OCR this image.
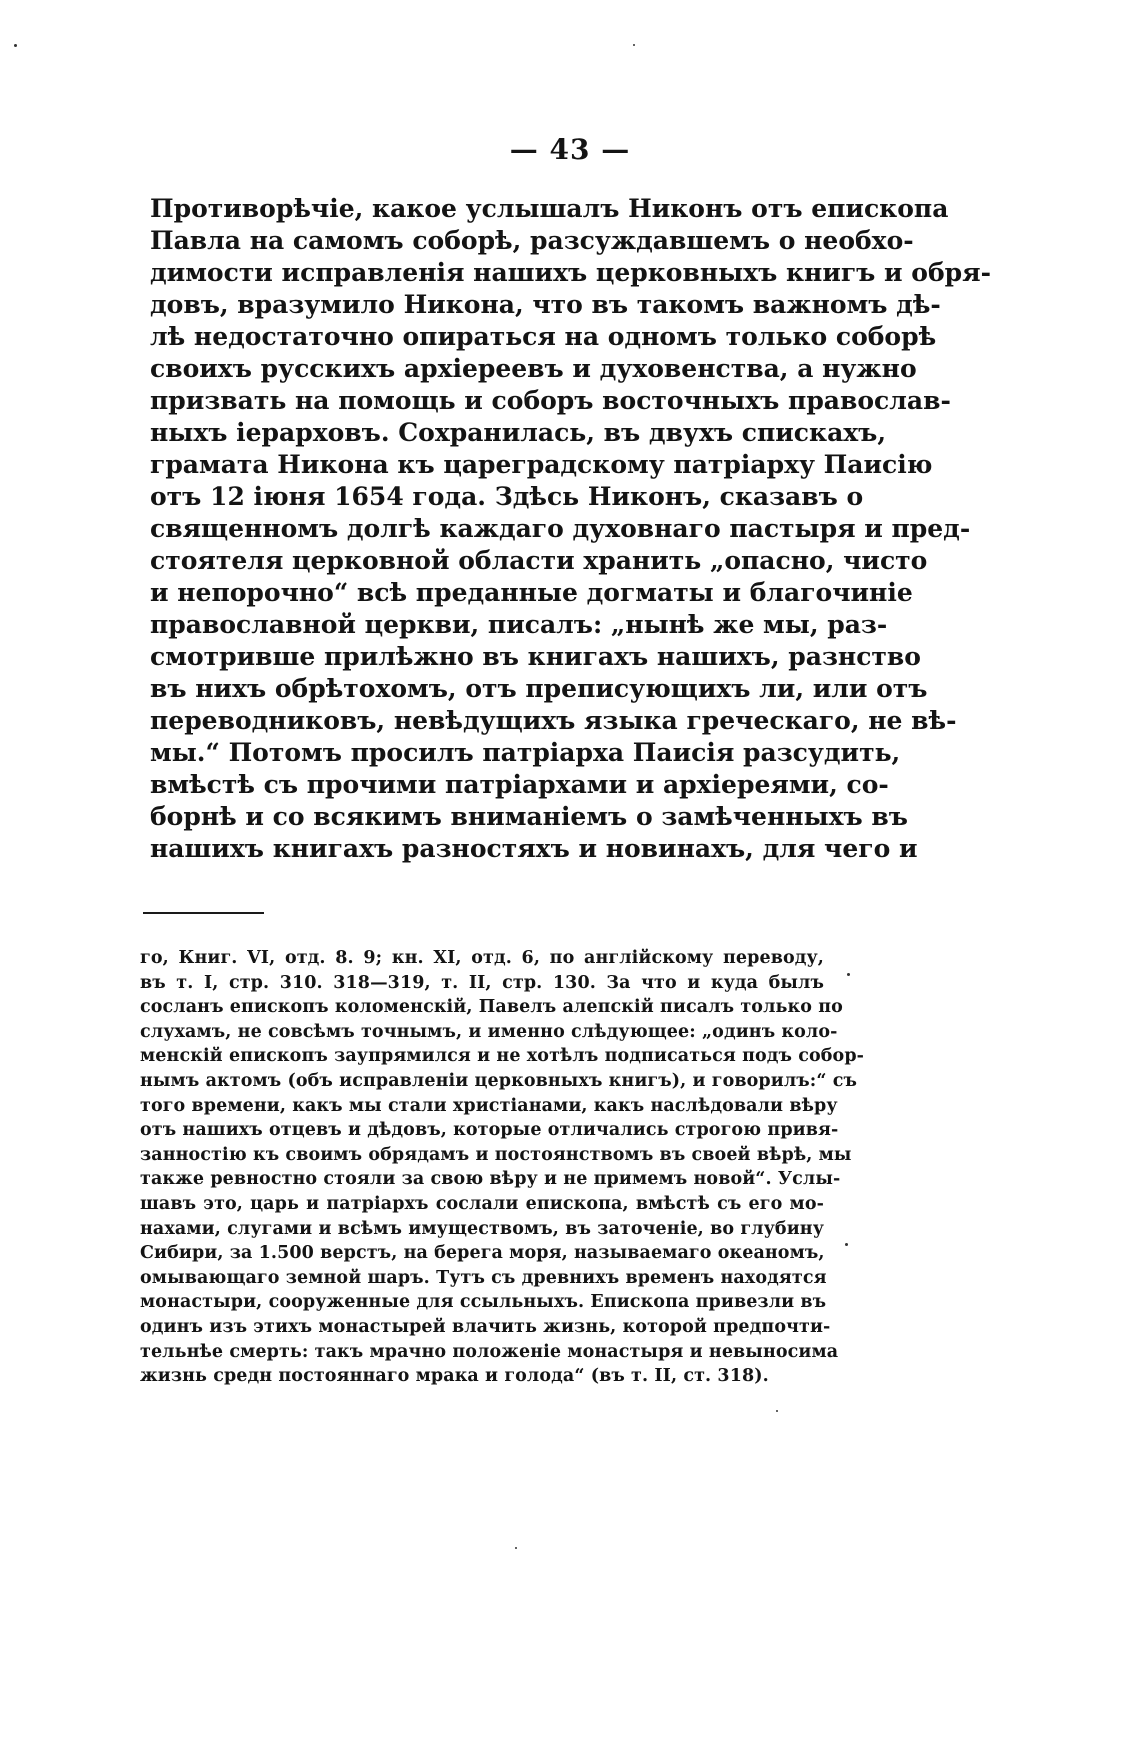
— 43 —
Противорѣчіе, какое услышалъ Никонъ отъ епископа
Павла на самомъ соборѣ, разсуждавшемъ о необхо-
димости исправленія нашихъ церковныхъ книгъ и обря-
довъ, вразумило Никона, что въ такомъ важномъ дѣ-
лѣ недостаточно опираться на одномъ только соборѣ
своихъ русскихъ архіереевъ и духовенства, а нужно
призвать на помощь и соборъ восточныхъ православ-
ныхъ іерарховъ. Сохранилась, въ двухъ спискахъ,
грамата Никона къ цареградскому патріарху Паисію
отъ 12 іюня 1654 года. Здѣсь Никонъ, сказавъ о
священномъ долгѣ каждаго духовнаго пастыря и пред-
стоятеля церковной области хранить „опасно, чисто
и непорочно“ всѣ преданные догматы и благочиніе
православной церкви, писалъ: „нынѣ же мы, раз-
смотрившe прилѣжно въ книгахъ нашихъ, разнство
въ нихъ обрѣтохомъ, отъ преписующихъ ли, или отъ
переводниковъ, невѣдущихъ языка греческаго, не вѣ-
мы.“ Потомъ просилъ патріарха Паисія разсудить,
вмѣстѣ съ прочими патріархами и архіереями, со-
борнѣ и со всякимъ вниманіемъ о замѣченныхъ въ
нашихъ книгахъ разностяхъ и новинахъ, для чего и
го, Книг. VI, отд. 8. 9; кн. XI, отд. 6, по англійскому переводу,
въ т. I, стр. 310. 318—319, т. II, стр. 130. За что и куда былъ
сосланъ епископъ коломенскій, Павелъ алепскій писалъ только по
слухамъ, не совсѣмъ точнымъ, и именно слѣдующее: „одинъ коло-
менскій епископъ заупрямился и не хотѣлъ подписаться подъ собор-
нымъ актомъ (объ исправленіи церковныхъ книгъ), и говорилъ:“ съ
того времени, какъ мы стали христіанами, какъ наслѣдовали вѣру
отъ нашихъ отцевъ и дѣдовъ, которые отличались строгою привя-
занностію къ своимъ обрядамъ и постоянствомъ въ своей вѣрѣ, мы
также ревностно стояли за свою вѣру и не примемъ новой“. Услы-
шавъ это, царь и патріархъ сослали епископа, вмѣстѣ съ его мо-
нахами, слугами и всѣмъ имуществомъ, въ заточеніе, во глубину
Сибири, за 1.500 верстъ, на берега моря, называемаго океаномъ,
омывающаго земной шаръ. Тутъ съ древнихъ временъ находятся
монастыри, сооруженные для ссыльныхъ. Епископа привезли въ
одинъ изъ этихъ монастырей влачить жизнь, которой предпочти-
тельнѣе смерть: такъ мрачно положеніе монастыря и невыносима
жизнь средн постояннаго мрака и голода“ (въ т. II, ст. 318).
